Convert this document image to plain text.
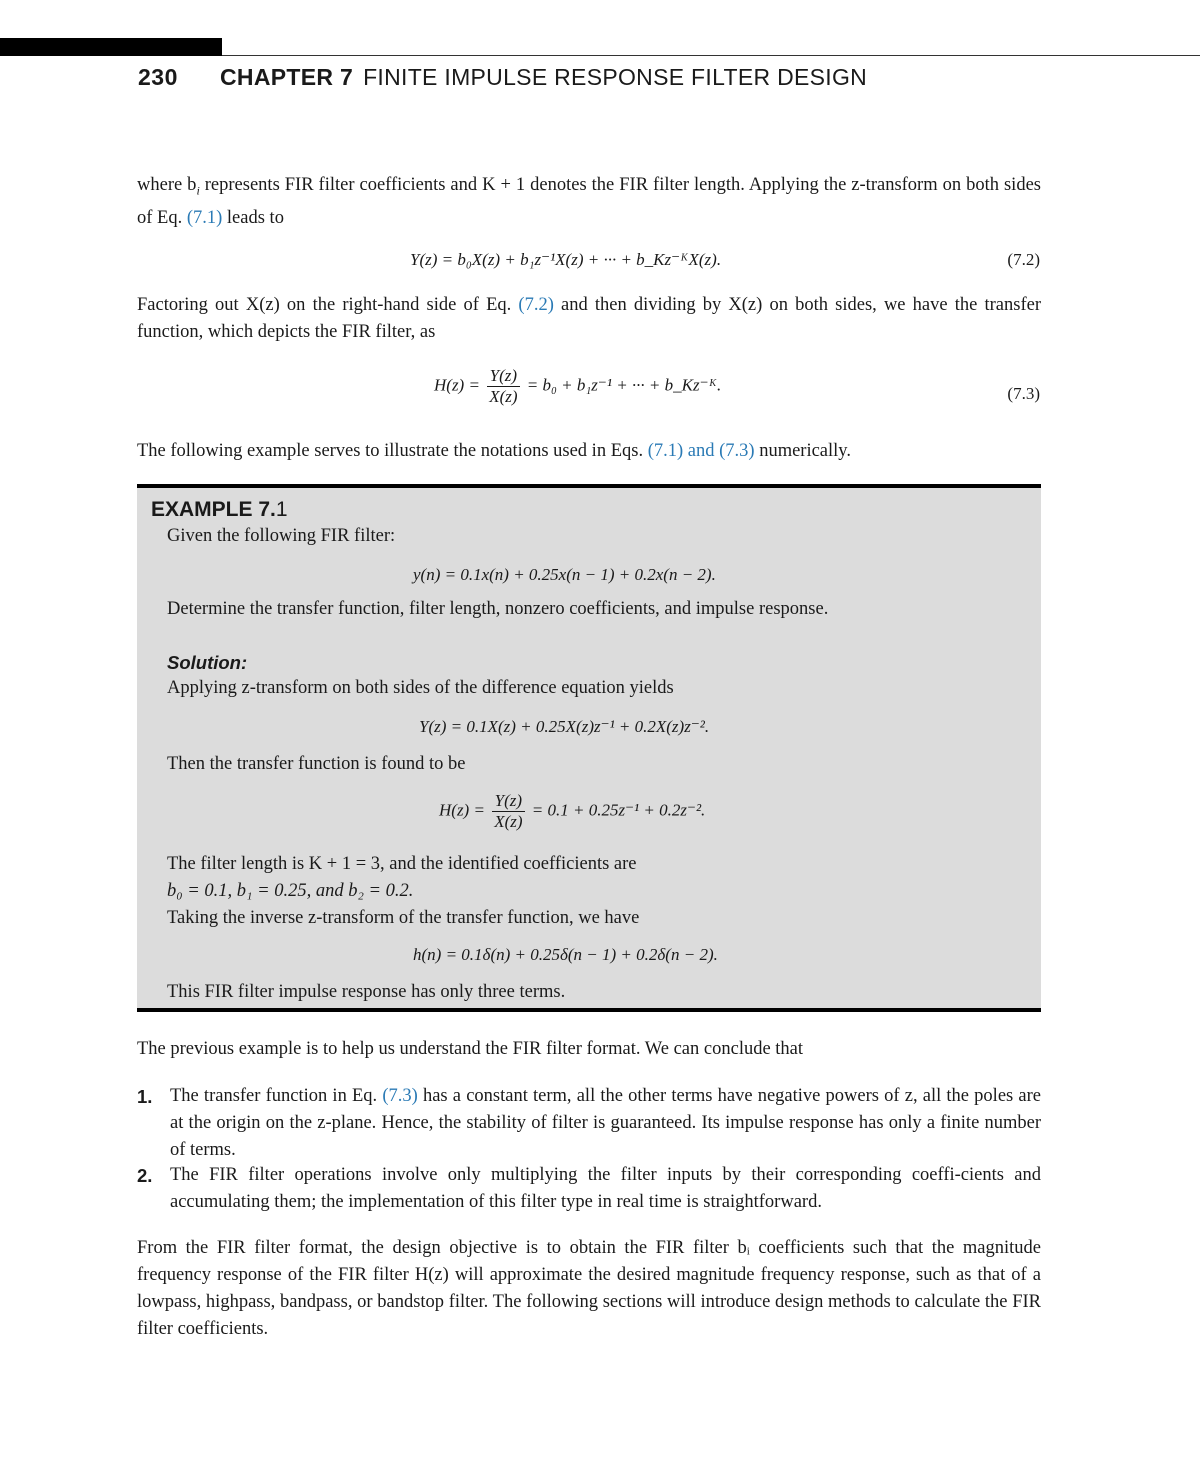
230 CHAPTER 7 FINITE IMPULSE RESPONSE FILTER DESIGN
where $b_i$ represents FIR filter coefficients and K + 1 denotes the FIR filter length. Applying the z-transform on both sides of Eq. (7.1) leads to
Y(z) = b₀X(z) + b₁z⁻¹X(z) + ··· + b_Kz⁻ᴷX(z).	(7.2)
Factoring out X(z) on the right-hand side of Eq. (7.2) and then dividing by X(z) on both sides, we have the transfer function, which depicts the FIR filter, as
$H(z) = \frac{Y(z)}{X(z)} = b_0 + b_1z^{-1}$ + ··· + b_Kz⁻ᴷ.	(7.3)
The following example serves to illustrate the notations used in Eqs. (7.1) and (7.3) numerically.
EXAMPLE 7.1
Given the following FIR filter:
y(n) = 0.1x(n) + 0.25x(n − 1) + 0.2x(n − 2).
Determine the transfer function, filter length, nonzero coefficients, and impulse response.
Solution:
Applying z-transform on both sides of the difference equation yields
Y(z) = 0.1X(z) + 0.25X(z)z⁻¹ + 0.2X(z)z⁻².
Then the transfer function is found to be
$H(z) = \frac{Y(z)}{X(z)} = 0.1 + 0.25z^{-1} + 0.2z^{-2}$.
The filter length is K + 1 = 3, and the identified coefficients are
b₀ = 0.1, b₁ = 0.25, and b₂ = 0.2.
Taking the inverse z-transform of the transfer function, we have
h(n) = 0.1δ(n) + 0.25δ(n − 1) + 0.2δ(n − 2).
This FIR filter impulse response has only three terms.
The previous example is to help us understand the FIR filter format. We can conclude that
1. The transfer function in Eq. (7.3) has a constant term, all the other terms have negative powers of z, all the poles are at the origin on the z-plane. Hence, the stability of filter is guaranteed. Its impulse response has only a finite number of terms.
2. The FIR filter operations involve only multiplying the filter inputs by their corresponding coeffi-cients and accumulating them; the implementation of this filter type in real time is straightforward.
From the FIR filter format, the design objective is to obtain the FIR filter bᵢ coefficients such that the magnitude frequency response of the FIR filter H(z) will approximate the desired magnitude frequency response, such as that of a lowpass, highpass, bandpass, or bandstop filter. The following sections will introduce design methods to calculate the FIR filter coefficients.
